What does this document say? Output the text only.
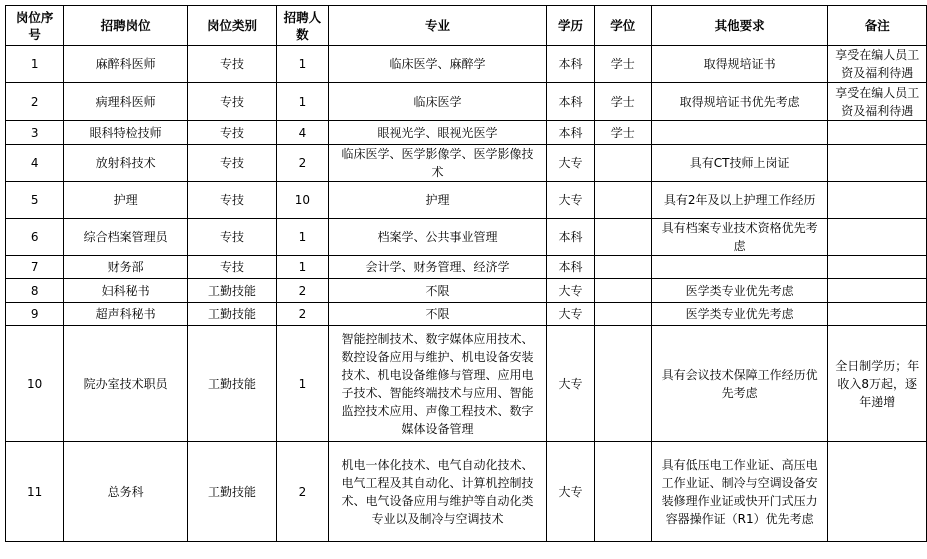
岗位序号	招聘岗位	岗位类别	招聘人数	专业	学历	学位	其他要求	备注
1	麻醉科医师	专技	1	临床医学、麻醉学	本科	学士	取得规培证书	享受在编人员工资及福利待遇
2	病理科医师	专技	1	临床医学	本科	学士	取得规培证书优先考虑	享受在编人员工资及福利待遇
3	眼科特检技师	专技	4	眼视光学、眼视光医学	本科	学士		
4	放射科技术	专技	2	临床医学、医学影像学、医学影像技术	大专		具有CT技师上岗证	
5	护理	专技	10	护理	大专		具有2年及以上护理工作经历	
6	综合档案管理员	专技	1	档案学、公共事业管理	本科		具有档案专业技术资格优先考虑	
7	财务部	专技	1	会计学、财务管理、经济学	本科			
8	妇科秘书	工勤技能	2	不限	大专		医学类专业优先考虑	
9	超声科秘书	工勤技能	2	不限	大专		医学类专业优先考虑	
10	院办室技术职员	工勤技能	1	智能控制技术、数字媒体应用技术、数控设备应用与维护、机电设备安装技术、机电设备维修与管理、应用电子技术、智能终端技术与应用、智能监控技术应用、声像工程技术、数字媒体设备管理	大专		具有会议技术保障工作经历优先考虑	全日制学历；年收入8万起，逐年递增
11	总务科	工勤技能	2	机电一体化技术、电气自动化技术、电气工程及其自动化、计算机控制技术、电气设备应用与维护等自动化类专业以及制冷与空调技术	大专		具有低压电工作业证、高压电工作业证、制冷与空调设备安装修理作业证或快开门式压力容器操作证（R1）优先考虑	
